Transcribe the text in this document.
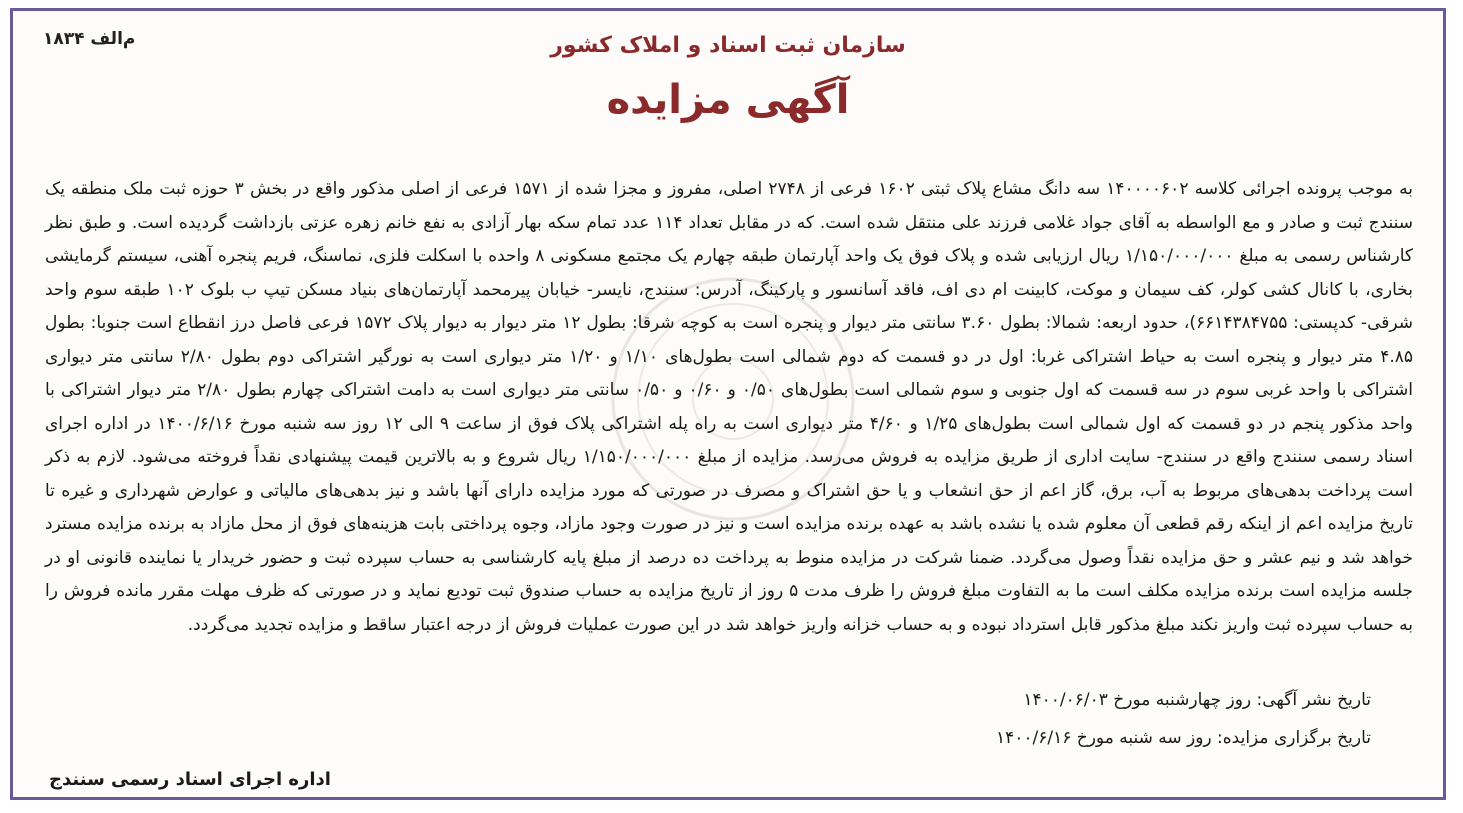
م‌الف ۱۸۳۴	سازمان ثبت اسناد و املاک کشور
آگهی مزایده
به موجب پرونده اجرائی کلاسه ۱۴۰۰۰۰۶۰۲ سه دانگ مشاع پلاک ثبتی ۱۶۰۲ فرعی از ۲۷۴۸ اصلی، مفروز و مجزا شده از ۱۵۷۱ فرعی از اصلی مذکور واقع در بخش ۳ حوزه ثبت ملک منطقه یک سنندج ثبت و صادر و مع الواسطه به آقای جواد غلامی فرزند علی منتقل شده است. که در مقابل تعداد ۱۱۴ عدد تمام سکه بهار آزادی به نفع خانم زهره عزتی بازداشت گردیده است. و طبق نظر کارشناس رسمی به مبلغ ۱/۱۵۰/۰۰۰/۰۰۰ ریال ارزیابی شده و پلاک فوق یک واحد آپارتمان طبقه چهارم یک مجتمع مسکونی ۸ واحده با اسکلت فلزی، نماسنگ، فریم پنجره آهنی، سیستم گرمایشی بخاری، با کانال کشی کولر، کف سیمان و موکت، کابینت ام دی اف، فاقد آسانسور و پارکینگ، آدرس: سنندج، نایسر- خیابان پیرمحمد آپارتمان‌های بنیاد مسکن تیپ ب بلوک ۱۰۲ طبقه سوم واحد شرقی- کدپستی: ۶۶۱۴۳۸۴۷۵۵)، حدود اربعه: شمالا: بطول ۳.۶۰ سانتی متر دیوار و پنجره است به کوچه شرقا: بطول ۱۲ متر دیوار به دیوار پلاک ۱۵۷۲ فرعی فاصل درز انقطاع است جنوبا: بطول ۴.۸۵ متر دیوار و پنجره است به حیاط اشتراکی غربا: اول در دو قسمت که دوم شمالی است بطول‌های ۱/۱۰ و ۱/۲۰ متر دیواری است به نورگیر اشتراکی دوم بطول ۲/۸۰ سانتی متر دیواری اشتراکی با واحد غربی سوم در سه قسمت که اول جنوبی و سوم شمالی است بطول‌های ۰/۵۰ و ۰/۶۰ و ۰/۵۰ سانتی متر دیواری است به دامت اشتراکی چهارم بطول ۲/۸۰ متر دیوار اشتراکی با واحد مذکور پنجم در دو قسمت که اول شمالی است بطول‌های ۱/۲۵ و ۴/۶۰ متر دیواری است به راه پله اشتراکی پلاک فوق از ساعت ۹ الی ۱۲ روز سه شنبه مورخ ۱۴۰۰/۶/۱۶ در اداره اجرای اسناد رسمی سنندج واقع در سنندج- سایت اداری از طریق مزایده به فروش می‌رسد. مزایده از مبلغ ۱/۱۵۰/۰۰۰/۰۰۰ ریال شروع و به بالاترین قیمت پیشنهادی نقداً فروخته می‌شود. لازم به ذکر است پرداخت بدهی‌های مربوط به آب، برق، گاز اعم از حق انشعاب و یا حق اشتراک و مصرف در صورتی که مورد مزایده دارای آنها باشد و نیز بدهی‌های مالیاتی و عوارض شهرداری و غیره تا تاریخ مزایده اعم از اینکه رقم قطعی آن معلوم شده یا نشده باشد به عهده برنده مزایده است و نیز در صورت وجود مازاد، وجوه پرداختی بابت هزینه‌های فوق از محل مازاد به برنده مزایده مسترد خواهد شد و نیم عشر و حق مزایده نقداً وصول می‌گردد. ضمنا شرکت در مزایده منوط به پرداخت ده درصد از مبلغ پایه کارشناسی به حساب سپرده ثبت و حضور خریدار یا نماینده قانونی او در جلسه مزایده است برنده مزایده مکلف است ما به التفاوت مبلغ فروش را ظرف مدت ۵ روز از تاریخ مزایده به حساب صندوق ثبت توديع نماید و در صورتی که ظرف مهلت مقرر مانده فروش را به حساب سپرده ثبت واریز نکند مبلغ مذکور قابل استرداد نبوده و به حساب خزانه واریز خواهد شد در این صورت عملیات فروش از درجه اعتبار ساقط و مزایده تجدید می‌گردد.
تاریخ نشر آگهی: روز چهارشنبه مورخ ۱۴۰۰/۰۶/۰۳
تاریخ برگزاری مزایده: روز سه شنبه مورخ ۱۴۰۰/۶/۱۶
اداره اجرای اسناد رسمی سنندج
